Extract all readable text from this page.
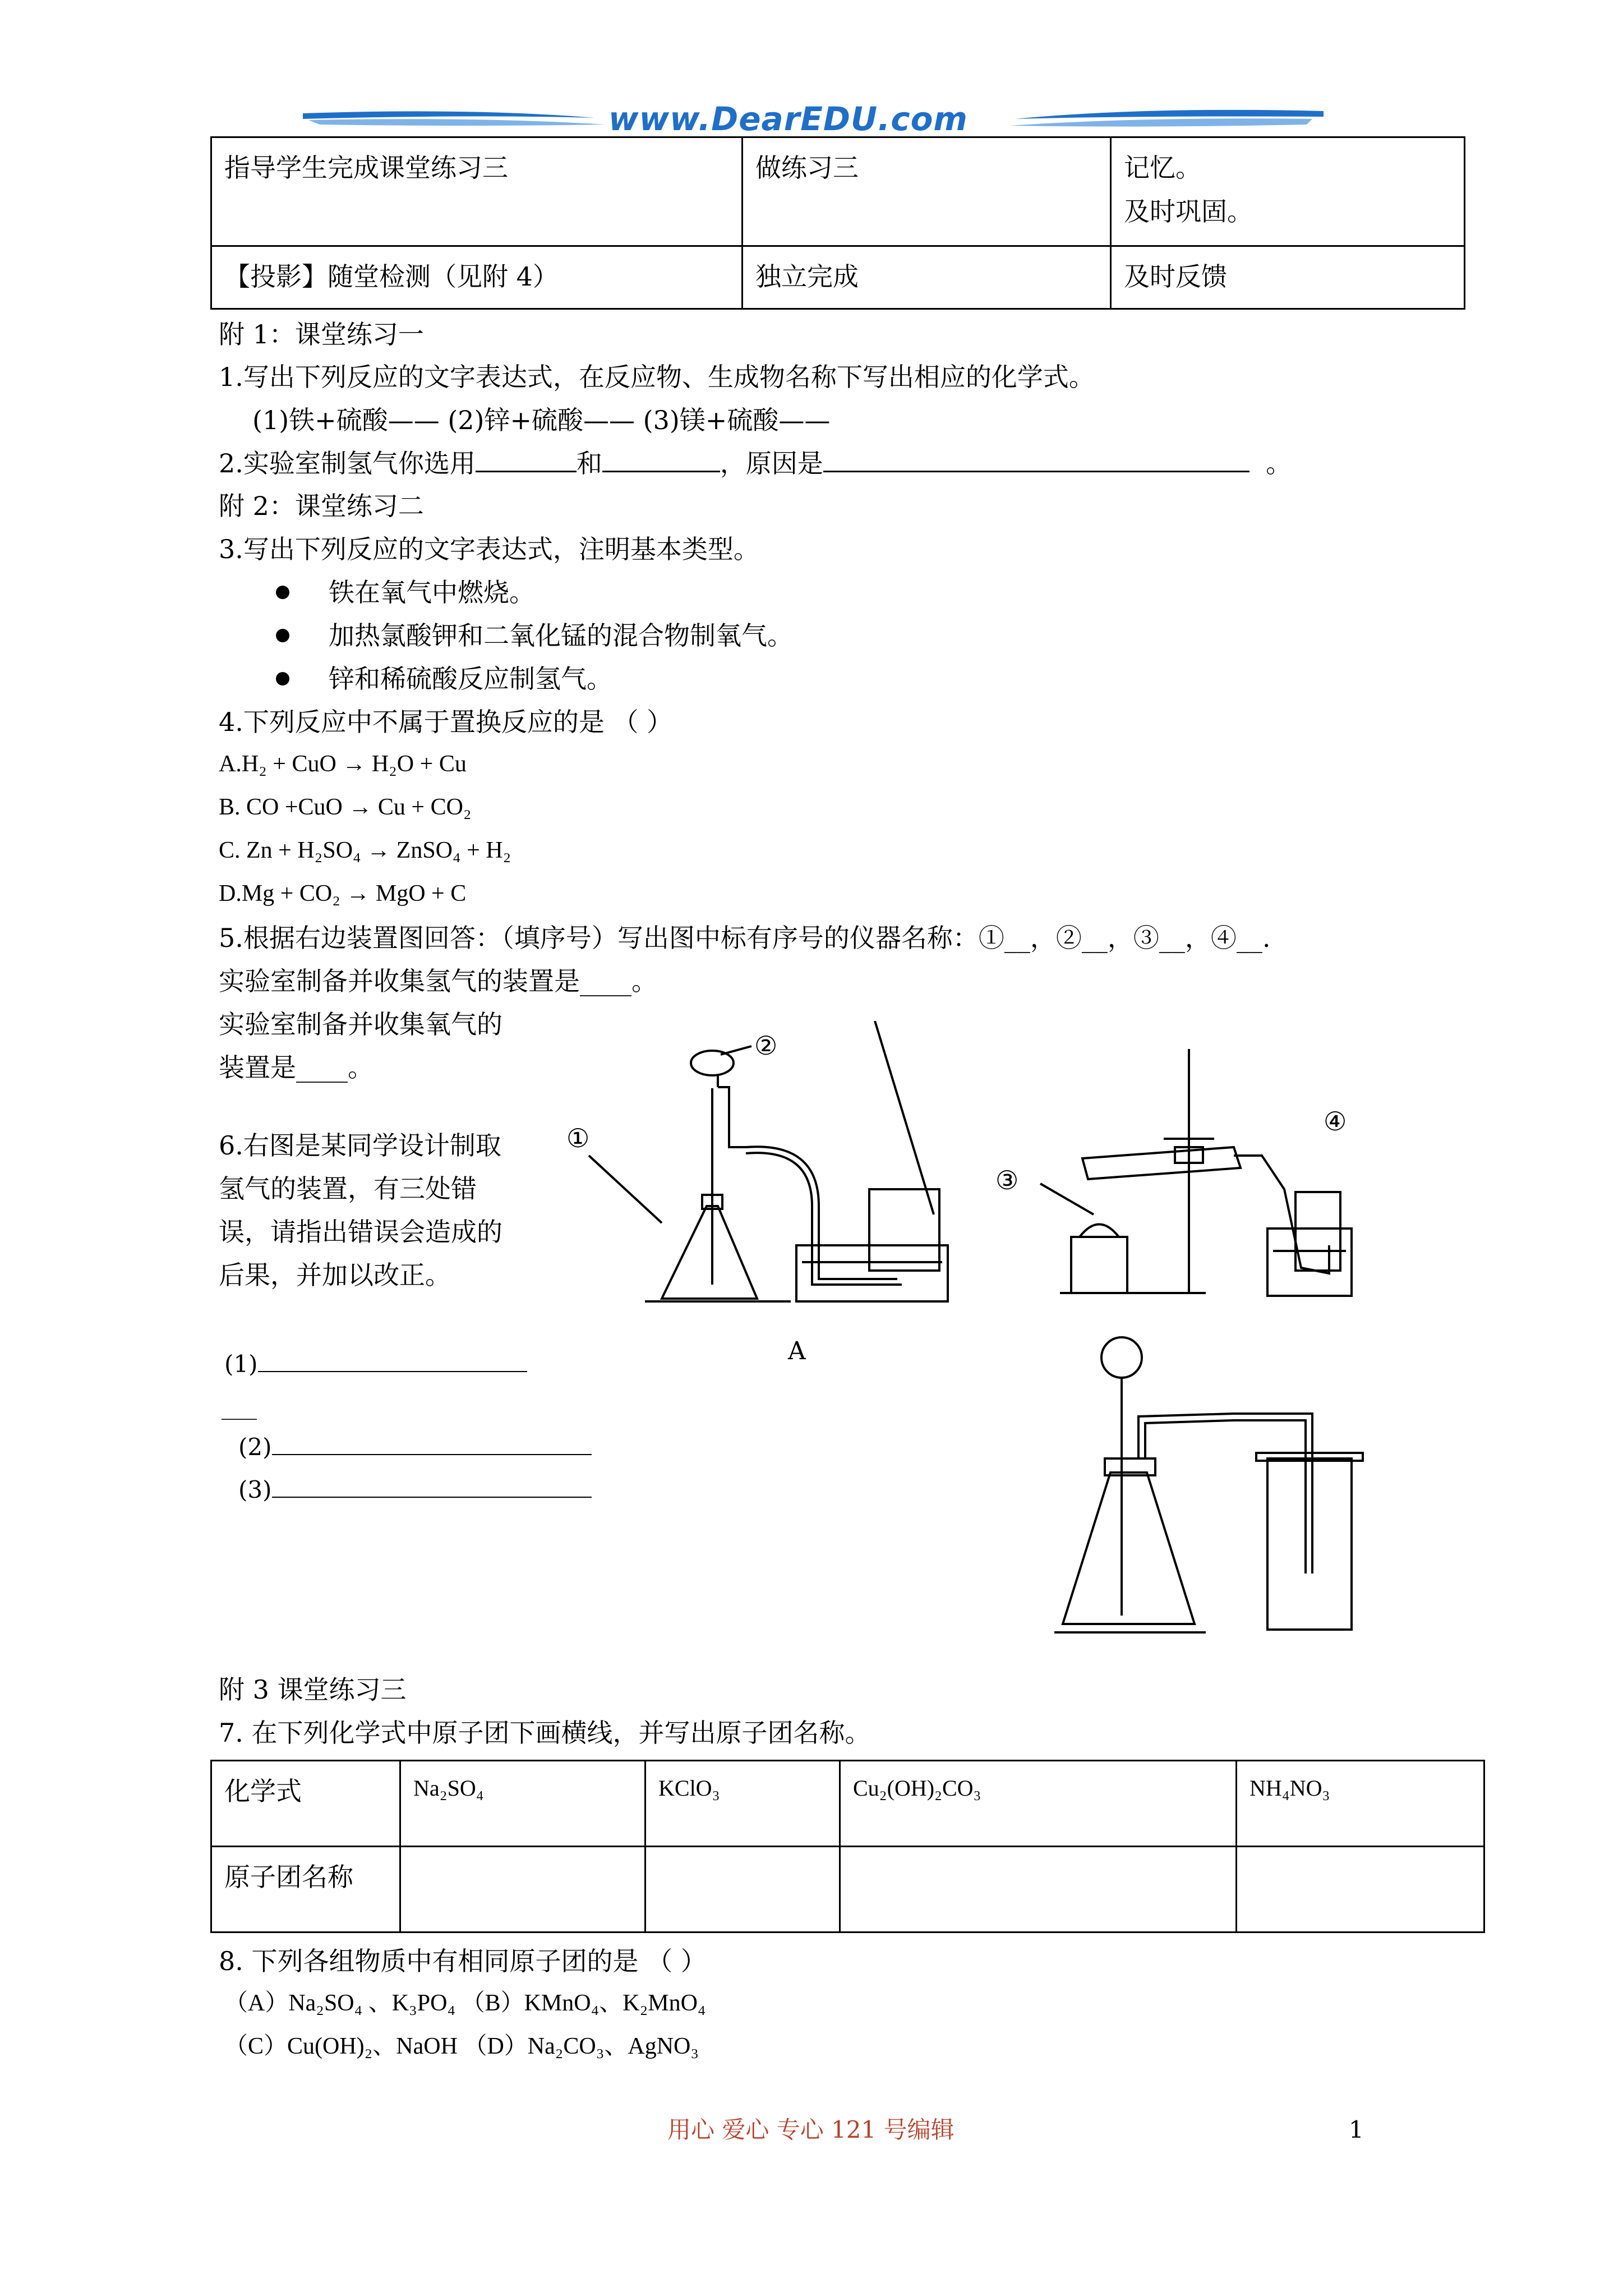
www.DearEDU.com
指导学生完成课堂练习三	做练习三	记忆。
及时巩固。

【投影】随堂检测（见附 4）	独立完成	及时反馈
附 1：课堂练习一
1.写出下列反应的文字表达式，在反应物、生成物名称下写出相应的化学式。
(1)铁+硫酸—— (2)锌+硫酸—— (3)镁+硫酸——
2.实验室制氢气你选用	和	，原因是	。
附 2：课堂练习二
3.写出下列反应的文字表达式，注明基本类型。
铁在氧气中燃烧。
加热氯酸钾和二氧化锰的混合物制氧气。
锌和稀硫酸反应制氢气。
4.下列反应中不属于置换反应的是 （ ）
A.H₂ + CuO → H₂O + Cu
B. CO +CuO → Cu + CO₂
C. Zn + H₂SO₄ → ZnSO₄ + H₂
D.Mg + CO₂ → MgO + C
5.根据右边装置图回答：（填序号）写出图中标有序号的仪器名称：①__，②__，③__，④__.
实验室制备并收集氢气的装置是____。
实验室制备并收集氧气的
装置是____。
6.右图是某同学设计制取
氢气的装置，有三处错
误，请指出错误会造成的
后果，并加以改正。
(1)
___
(2)
(3)
①
②
③
④
A
附 3 课堂练习三
7. 在下列化学式中原子团下画横线，并写出原子团名称。
化学式	Na₂SO₄	KClO₃	Cu₂(OH)₂CO₃	NH₄NO₃
原子团名称				
8. 下列各组物质中有相同原子团的是 （ ）
（A）Na₂SO₄ 、K₃PO₄ （B）KMnO₄、K₂MnO₄
（C）Cu(OH)₂、NaOH （D）Na₂CO₃、AgNO₃
用心 爱心 专心 121 号编辑	1
